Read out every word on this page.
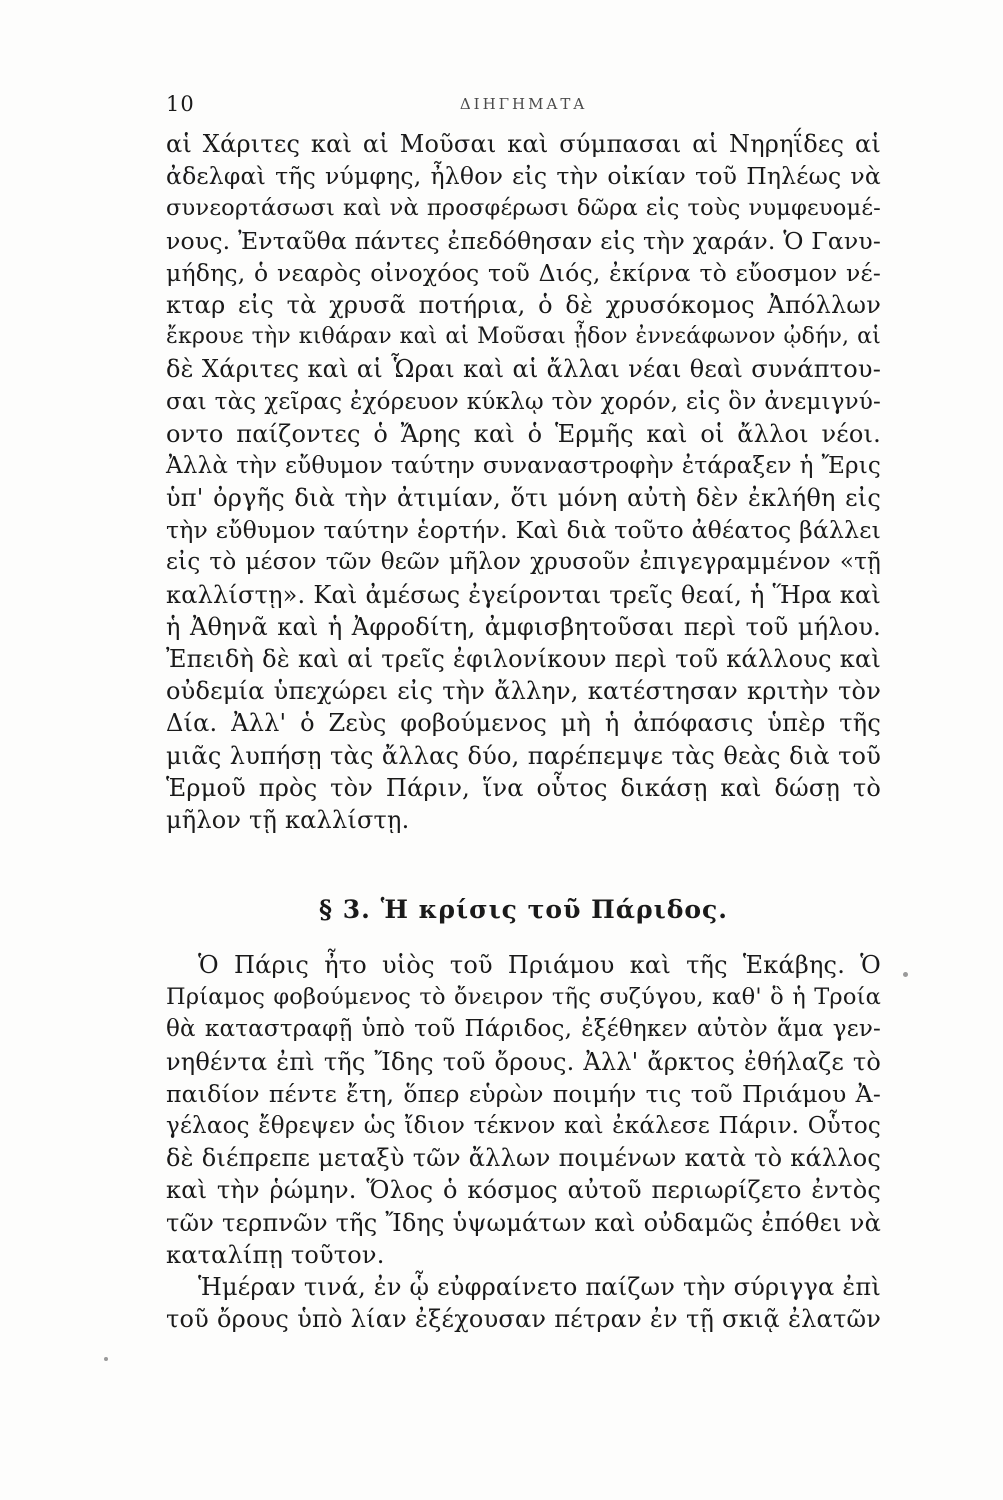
10	ΔΙΗΓΗΜΑΤΑ
αἱ Χάριτες καὶ αἱ Μοῦσαι καὶ σύμπασαι αἱ Νηρηΐδες αἱ
ἀδελφαὶ τῆς νύμφης, ἦλθον εἰς τὴν οἰκίαν τοῦ Πηλέως νὰ
συνεορτάσωσι καὶ νὰ προσφέρωσι δῶρα εἰς τοὺς νυμφευομέ-
νους. Ἐνταῦθα πάντες ἐπεδόθησαν εἰς τὴν χαράν. Ὁ Γανυ-
μήδης, ὁ νεαρὸς οἰνοχόος τοῦ Διός, ἐκίρνα τὸ εὔοσμον νέ-
κταρ εἰς τὰ χρυσᾶ ποτήρια, ὁ δὲ χρυσόκομος Ἀπόλλων
ἔκρουε τὴν κιθάραν καὶ αἱ Μοῦσαι ᾖδον ἐννεάφωνον ᾠδήν, αἱ
δὲ Χάριτες καὶ αἱ Ὧραι καὶ αἱ ἄλλαι νέαι θεαὶ συνάπτου-
σαι τὰς χεῖρας ἐχόρευον κύκλῳ τὸν χορόν, εἰς ὃν ἀνεμιγνύ-
οντο παίζοντες ὁ Ἄρης καὶ ὁ Ἑρμῆς καὶ οἱ ἄλλοι νέοι.
Ἀλλὰ τὴν εὔθυμον ταύτην συναναστροφὴν ἐτάραξεν ἡ Ἔρις
ὑπ' ὀργῆς διὰ τὴν ἀτιμίαν, ὅτι μόνη αὐτὴ δὲν ἐκλήθη εἰς
τὴν εὔθυμον ταύτην ἑορτήν. Καὶ διὰ τοῦτο ἀθέατος βάλλει
εἰς τὸ μέσον τῶν θεῶν μῆλον χρυσοῦν ἐπιγεγραμμένον «τῇ
καλλίστῃ». Καὶ ἀμέσως ἐγείρονται τρεῖς θεαί, ἡ Ἥρα καὶ
ἡ Ἀθηνᾶ καὶ ἡ Ἀφροδίτη, ἀμφισβητοῦσαι περὶ τοῦ μήλου.
Ἐπειδὴ δὲ καὶ αἱ τρεῖς ἐφιλονίκουν περὶ τοῦ κάλλους καὶ
οὐδεμία ὑπεχώρει εἰς τὴν ἄλλην, κατέστησαν κριτὴν τὸν
Δία. Ἀλλ' ὁ Ζεὺς φοβούμενος μὴ ἡ ἀπόφασις ὑπὲρ τῆς
μιᾶς λυπήσῃ τὰς ἄλλας δύο, παρέπεμψε τὰς θεὰς διὰ τοῦ
Ἑρμοῦ πρὸς τὸν Πάριν, ἵνα οὗτος δικάσῃ καὶ δώσῃ τὸ
μῆλον τῇ καλλίστῃ.
§ 3. Ἡ κρίσις τοῦ Πάριδος.
Ὁ Πάρις ἦτο υἱὸς τοῦ Πριάμου καὶ τῆς Ἑκάβης. Ὁ
Πρίαμος φοβούμενος τὸ ὄνειρον τῆς συζύγου, καθ' ὃ ἡ Τροία
θὰ καταστραφῇ ὑπὸ τοῦ Πάριδος, ἐξέθηκεν αὐτὸν ἅμα γεν-
νηθέντα ἐπὶ τῆς Ἴδης τοῦ ὄρους. Ἀλλ' ἄρκτος ἐθήλαζε τὸ
παιδίον πέντε ἔτη, ὅπερ εὑρὼν ποιμήν τις τοῦ Πριάμου Ἀ-
γέλαος ἔθρεψεν ὡς ἴδιον τέκνον καὶ ἐκάλεσε Πάριν. Οὗτος
δὲ διέπρεπε μεταξὺ τῶν ἄλλων ποιμένων κατὰ τὸ κάλλος
καὶ τὴν ῥώμην. Ὅλος ὁ κόσμος αὐτοῦ περιωρίζετο ἐντὸς
τῶν τερπνῶν τῆς Ἴδης ὑψωμάτων καὶ οὐδαμῶς ἐπόθει νὰ
καταλίπῃ τοῦτον.
Ἡμέραν τινά, ἐν ᾧ εὐφραίνετο παίζων τὴν σύριγγα ἐπὶ
τοῦ ὄρους ὑπὸ λίαν ἐξέχουσαν πέτραν ἐν τῇ σκιᾷ ἐλατῶν
